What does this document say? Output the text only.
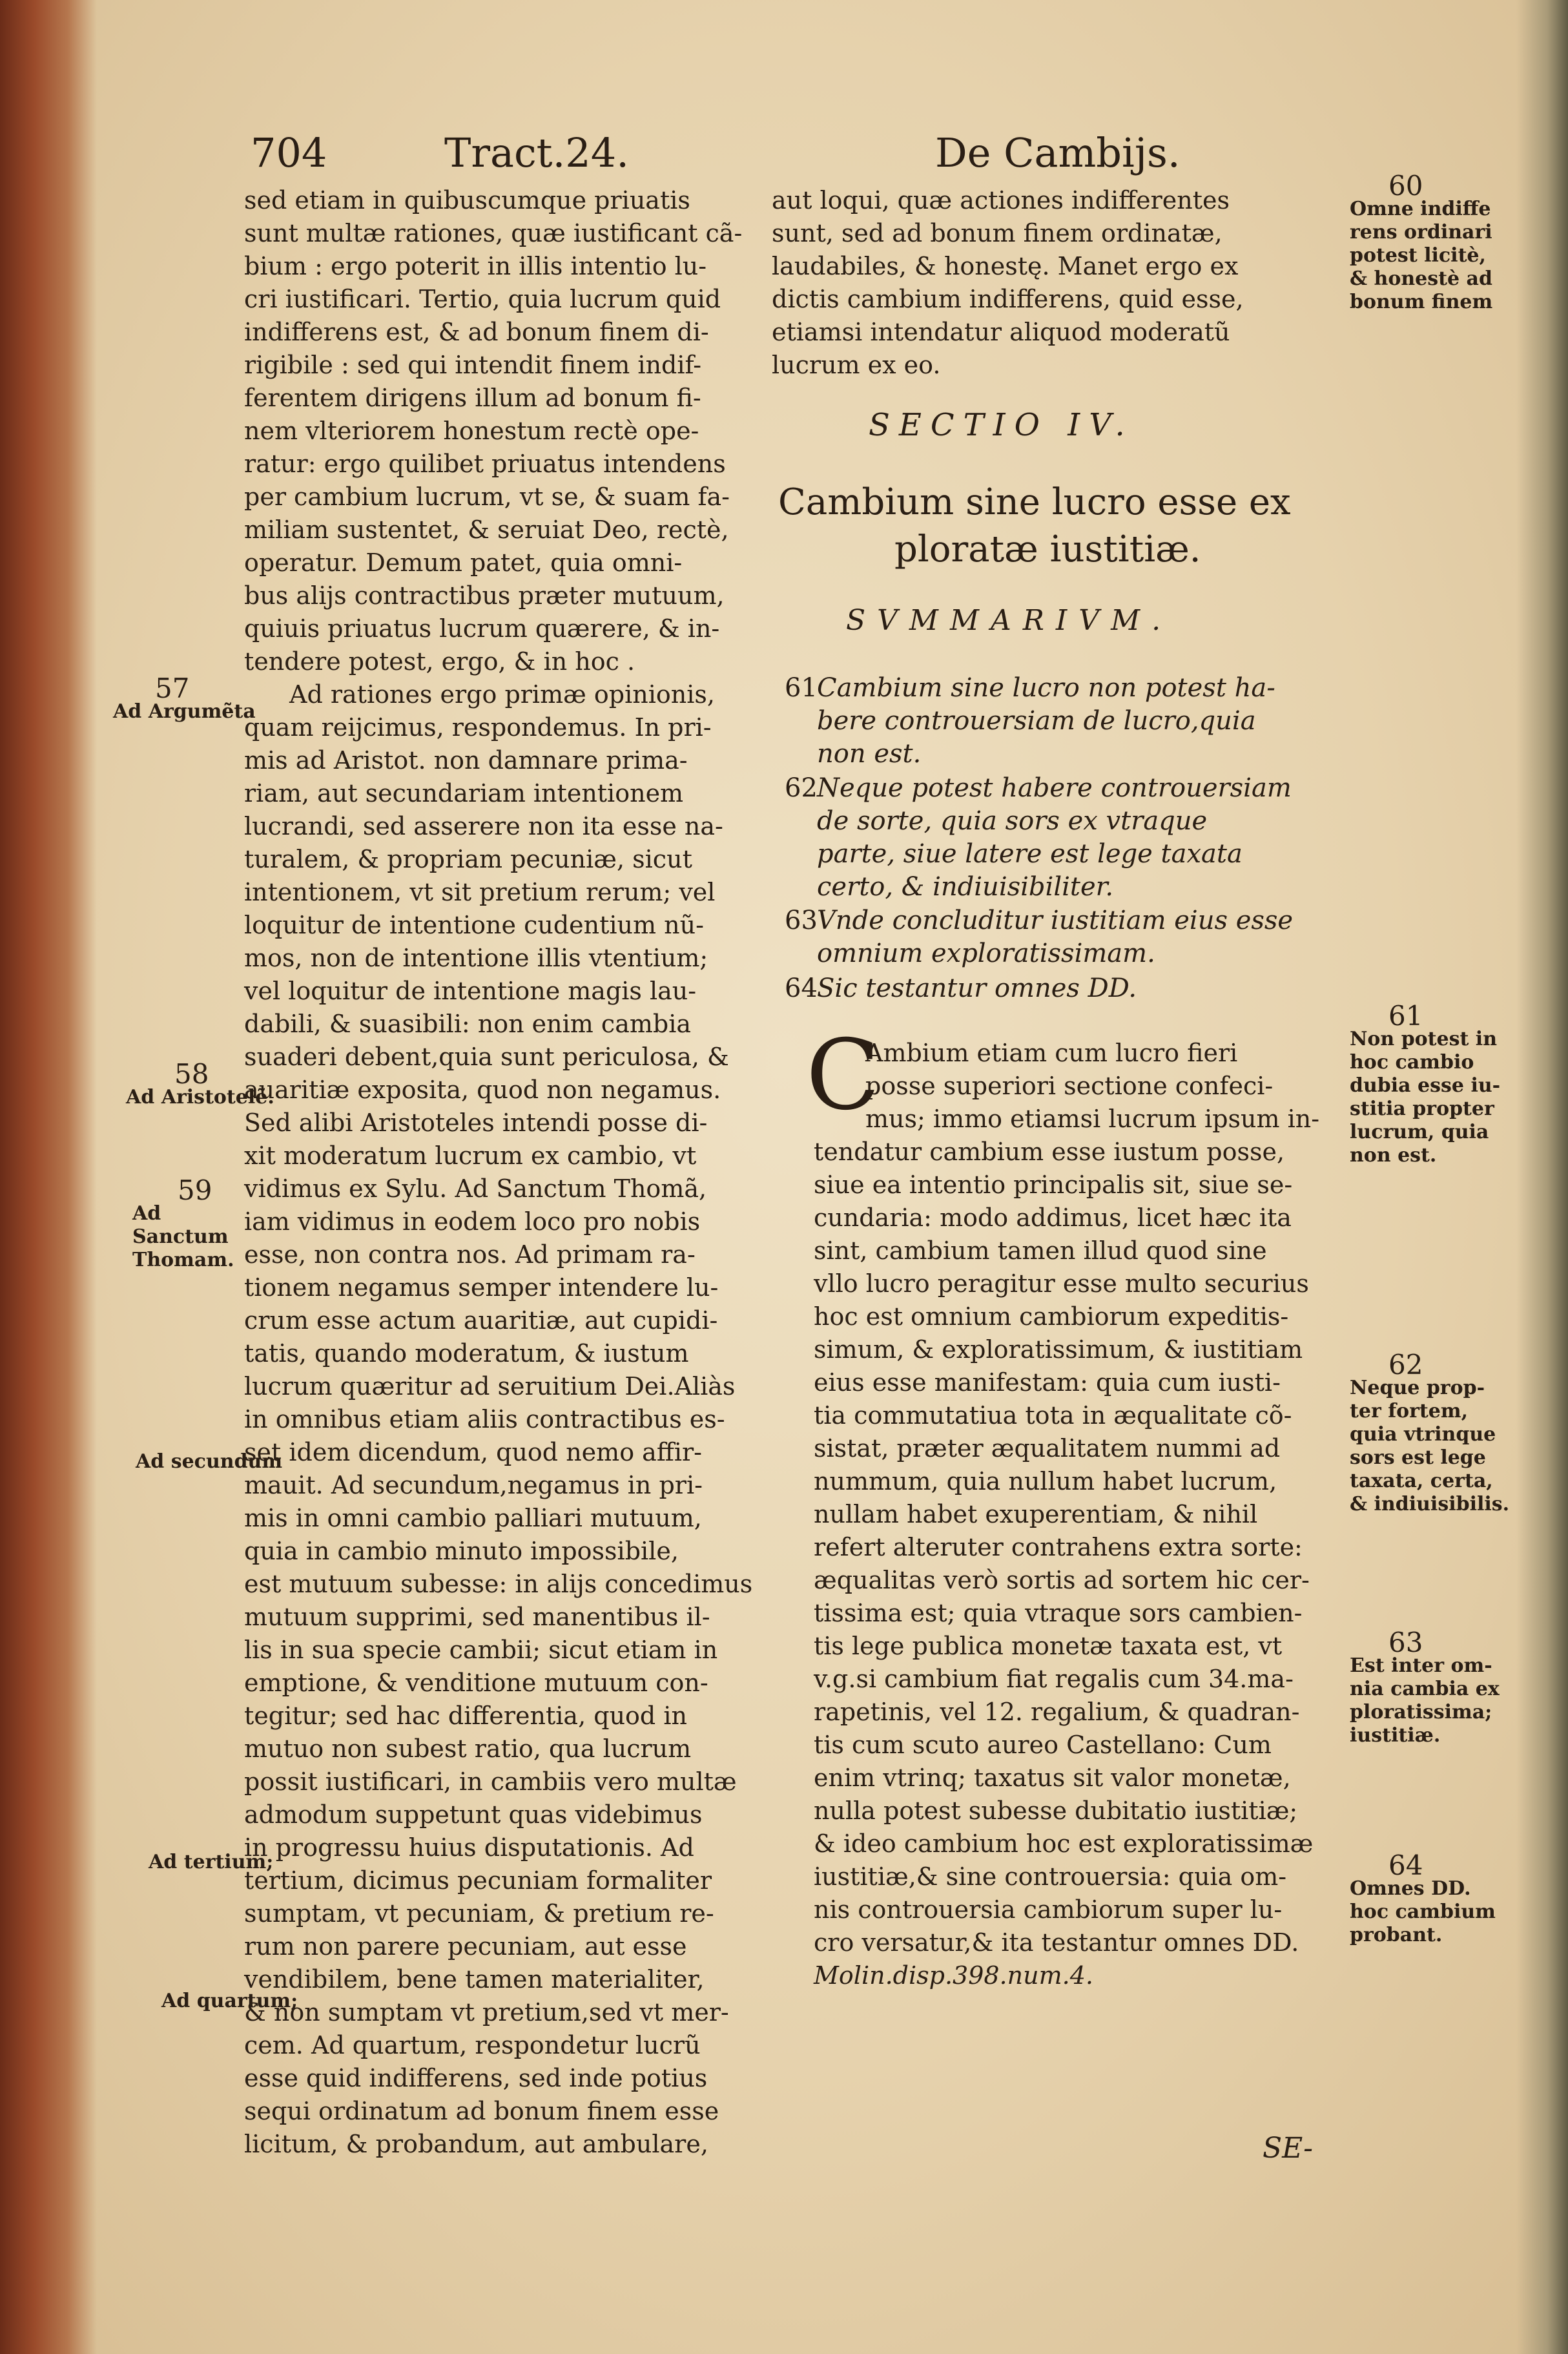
704	Tract.24.	De Cambijs.
sed etiam in quibuscumque priuatis
sunt multæ rationes, quæ iustificant cã-
bium : ergo poterit in illis intentio lu-
cri iustificari. Tertio, quia lucrum quid
indifferens est, & ad bonum finem di-
rigibile : sed qui intendit finem indif-
ferentem dirigens illum ad bonum fi-
nem vlteriorem honestum rectè ope-
ratur: ergo quilibet priuatus intendens
per cambium lucrum, vt se, & suam fa-
miliam sustentet, & seruiat Deo, rectè,
operatur. Demum patet, quia omni-
bus alijs contractibus præter mutuum,
quiuis priuatus lucrum quærere, & in-
tendere potest, ergo, & in hoc .
Ad rationes ergo primæ opinionis,
quam reijcimus, respondemus. In pri-
mis ad Aristot. non damnare prima-
riam, aut secundariam intentionem
lucrandi, sed asserere non ita esse na-
turalem, & propriam pecuniæ, sicut
intentionem, vt sit pretium rerum; vel
loquitur de intentione cudentium nũ-
mos, non de intentione illis vtentium;
vel loquitur de intentione magis lau-
dabili, & suasibili: non enim cambia
suaderi debent,quia sunt periculosa, &
auaritiæ exposita, quod non negamus.
Sed alibi Aristoteles intendi posse di-
xit moderatum lucrum ex cambio, vt
vidimus ex Sylu. Ad Sanctum Thomã,
iam vidimus in eodem loco pro nobis
esse, non contra nos. Ad primam ra-
tionem negamus semper intendere lu-
crum esse actum auaritiæ, aut cupidi-
tatis, quando moderatum, & iustum
lucrum quæritur ad seruitium Dei.Aliàs
in omnibus etiam aliis contractibus es-
set idem dicendum, quod nemo affir-
mauit. Ad secundum,negamus in pri-
mis in omni cambio palliari mutuum,
quia in cambio minuto impossibile,
est mutuum subesse: in alijs concedimus
mutuum supprimi, sed manentibus il-
lis in sua specie cambii; sicut etiam in
emptione, & venditione mutuum con-
tegitur; sed hac differentia, quod in
mutuo non subest ratio, qua lucrum
possit iustificari, in cambiis vero multæ
admodum suppetunt quas videbimus
in progressu huius disputationis. Ad
tertium, dicimus pecuniam formaliter
sumptam, vt pecuniam, & pretium re-
rum non parere pecuniam, aut esse
vendibilem, bene tamen materialiter,
& non sumptam vt pretium,sed vt mer-
cem. Ad quartum, respondetur lucrũ
esse quid indifferens, sed inde potius
sequi ordinatum ad bonum finem esse
licitum, & probandum, aut ambulare,
57
Ad Argumẽta
58
Ad Aristotelẽ.
59
Ad Sanctum Thomam.
Ad secundum
Ad tertium;
Ad quartum;
aut loqui, quæ actiones indifferentes
sunt, sed ad bonum finem ordinatæ,
laudabiles, & honestę. Manet ergo ex
dictis cambium indifferens, quid esse,
etiamsi intendatur aliquod moderatũ
lucrum ex eo.
SECTIO IV.
Cambium sine lucro esse ex
ploratæ iustitiæ.
SVMMARIVM.
61Cambium sine lucro non potest ha-
bere controuersiam de lucro,quia
non est.
62Neque potest habere controuersiam
de sorte, quia sors ex vtraque
parte, siue latere est lege taxata
certo, & indiuisibiliter.
63Vnde concluditur iustitiam eius esse
omnium exploratissimam.
64Sic testantur omnes DD.
C
Ambium etiam cum lucro fieri
posse superiori sectione confeci-
mus; immo etiamsi lucrum ipsum in-
tendatur cambium esse iustum posse,
siue ea intentio principalis sit, siue se-
cundaria: modo addimus, licet hæc ita
sint, cambium tamen illud quod sine
vllo lucro peragitur esse multo securius
hoc est omnium cambiorum expeditis-
simum, & exploratissimum, & iustitiam
eius esse manifestam: quia cum iusti-
tia commutatiua tota in æqualitate cõ-
sistat, præter æqualitatem nummi ad
nummum, quia nullum habet lucrum,
nullam habet exuperentiam, & nihil
refert alteruter contrahens extra sorte:
æqualitas verò sortis ad sortem hic cer-
tissima est; quia vtraque sors cambien-
tis lege publica monetæ taxata est, vt
v.g.si cambium fiat regalis cum 34.ma-
rapetinis, vel 12. regalium, & quadran-
tis cum scuto aureo Castellano: Cum
enim vtrinq; taxatus sit valor monetæ,
nulla potest subesse dubitatio iustitiæ;
& ideo cambium hoc est exploratissimæ
iustitiæ,& sine controuersia: quia om-
nis controuersia cambiorum super lu-
cro versatur,& ita testantur omnes DD.
Molin.disp.398.num.4.
60
Omne indiffe
rens ordinari
potest licitè,
& honestè ad
bonum finem
61
Non potest in
hoc cambio
dubia esse iu-
stitia propter
lucrum, quia
non est.
62
Neque prop-
ter fortem,
quia vtrinque
sors est lege
taxata, certa,
& indiuisibilis.
63
Est inter om-
nia cambia ex
ploratissima;
iustitiæ.
64
Omnes DD.
hoc cambium
probant.
SE-
